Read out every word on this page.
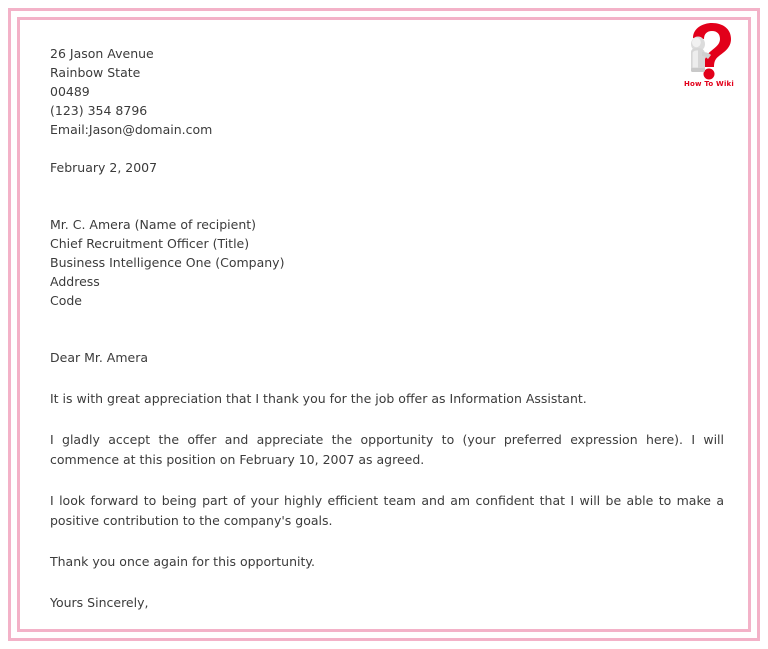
How To Wiki
26 Jason Avenue
Rainbow State
00489
(123) 354 8796
Email:Jason@domain.com
February 2, 2007
Mr. C. Amera (Name of recipient)
Chief Recruitment Officer (Title)
Business Intelligence One (Company)
Address
Code
Dear Mr. Amera

It is with great appreciation that I thank you for the job offer as Information Assistant.

I gladly accept the offer and appreciate the opportunity to (your preferred expression here). I will commence at this position on February 10, 2007 as agreed.

I look forward to being part of your highly efficient team and am confident that I will be able to make a positive contribution to the company's goals.

Thank you once again for this opportunity.

Yours Sincerely,
